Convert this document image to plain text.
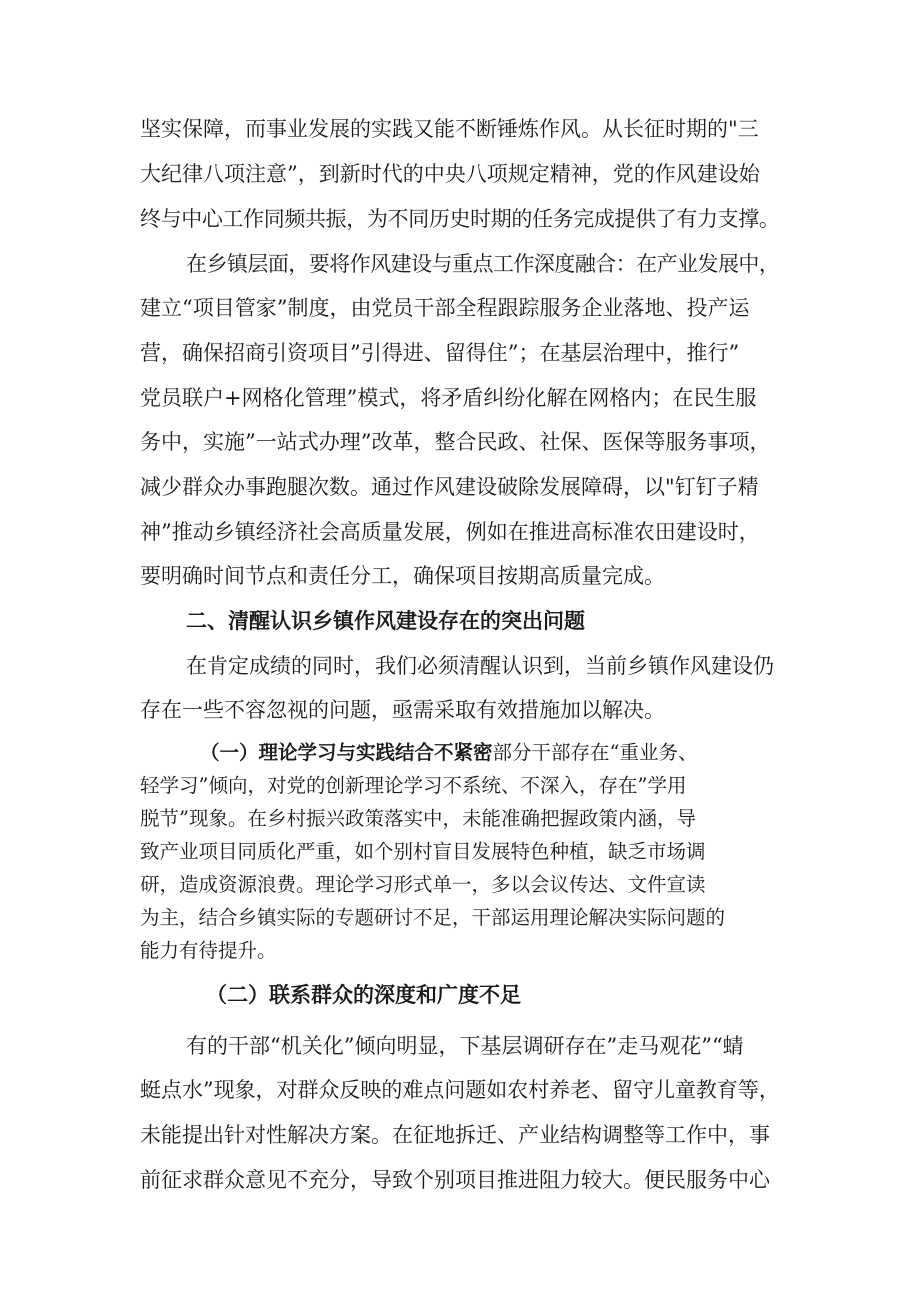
坚实保障，而事业发展的实践又能不断锤炼作风。从长征时期的"三
大纪律八项注意”，到新时代的中央八项规定精神，党的作风建设始
终与中心工作同频共振，为不同历史时期的任务完成提供了有力支撑。
在乡镇层面，要将作风建设与重点工作深度融合：在产业发展中，
建立“项目管家”制度，由党员干部全程跟踪服务企业落地、投产运
营，确保招商引资项目”引得进、留得住”；在基层治理中，推行”
党员联户+网格化管理”模式，将矛盾纠纷化解在网格内；在民生服
务中，实施”一站式办理”改革，整合民政、社保、医保等服务事项，
减少群众办事跑腿次数。通过作风建设破除发展障碍，以"钉钉子精
神”推动乡镇经济社会高质量发展，例如在推进高标准农田建设时，
要明确时间节点和责任分工，确保项目按期高质量完成。
二、清醒认识乡镇作风建设存在的突出问题
在肯定成绩的同时，我们必须清醒认识到，当前乡镇作风建设仍
存在一些不容忽视的问题，亟需采取有效措施加以解决。
（一）理论学习与实践结合不紧密部分干部存在“重业务、
轻学习”倾向，对党的创新理论学习不系统、不深入，存在”学用
脱节”现象。在乡村振兴政策落实中，未能准确把握政策内涵，导
致产业项目同质化严重，如个别村盲目发展特色种植，缺乏市场调
研，造成资源浪费。理论学习形式单一，多以会议传达、文件宣读
为主，结合乡镇实际的专题研讨不足，干部运用理论解决实际问题的
能力有待提升。
（二）联系群众的深度和广度不足
有的干部“机关化”倾向明显，下基层调研存在”走马观花”“蜻
蜓点水”现象，对群众反映的难点问题如农村养老、留守儿童教育等，
未能提出针对性解决方案。在征地拆迁、产业结构调整等工作中，事
前征求群众意见不充分，导致个别项目推进阻力较大。便民服务中心
